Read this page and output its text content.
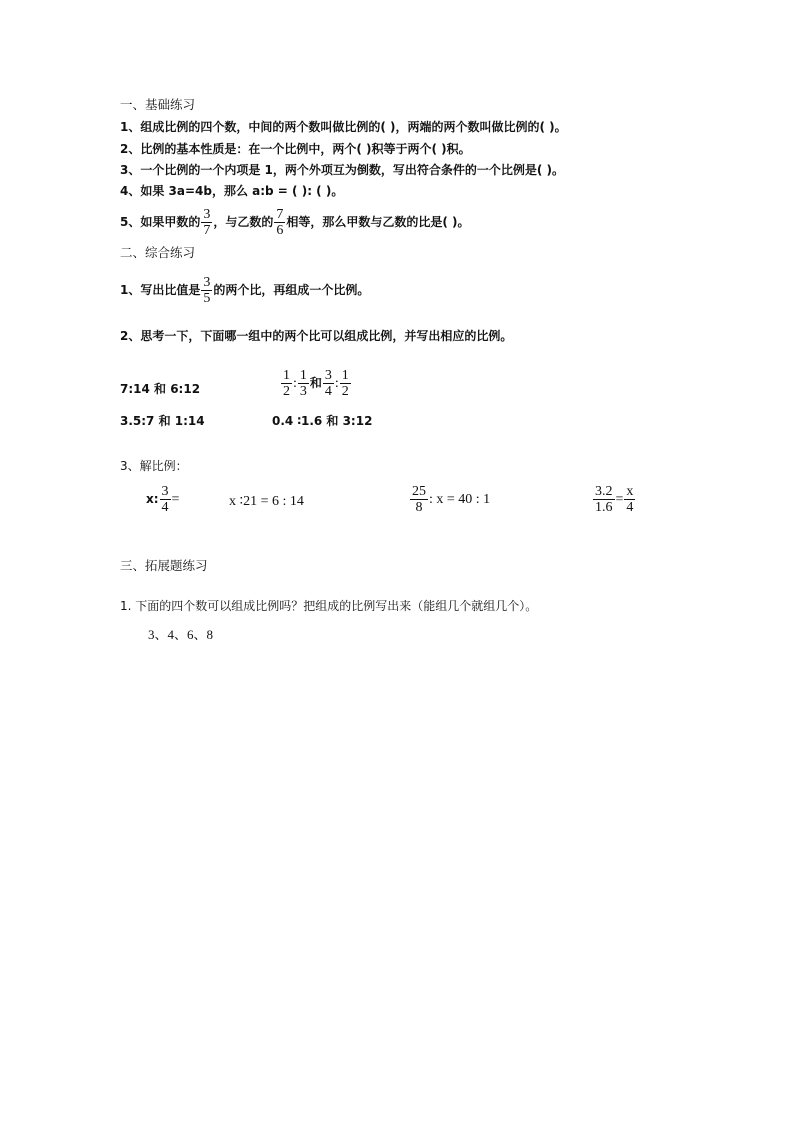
一、基础练习
1、组成比例的四个数，中间的两个数叫做比例的( )，两端的两个数叫做比例的( )。
2、比例的基本性质是：在一个比例中，两个( )积等于两个( )积。
3、一个比例的一个内项是 1，两个外项互为倒数，写出符合条件的一个比例是( )。
4、如果 3a=4b，那么 a:b = ( ): ( )。
5、如果甲数的 $\frac{3}{7}$ ，与乙数的 $\frac{7}{6}$ 相等，那么甲数与乙数的比是( )。
二、综合练习
1、写出比值是 $\frac{3}{5}$ 的两个比，再组成一个比例。
2、思考一下，下面哪一组中的两个比可以组成比例，并写出相应的比例。
7:14 和 6:12	$\frac{1}{2}$ : $\frac{1}{3}$ 和 $\frac{3}{4}$ : $\frac{1}{2}$
3.5:7 和 1:14	0.4 ∶1.6 和 3:12
3、解比例：
x: $\frac{3}{4}$ =	x ∶21 = 6 : 14	$\frac{25}{8}$ : x = 40 : 1	$\frac{3.2}{1.6} = \frac{x}{4}$
三、拓展题练习
1. 下面的四个数可以组成比例吗？把组成的比例写出来（能组几个就组几个）。
3、4、6、8
